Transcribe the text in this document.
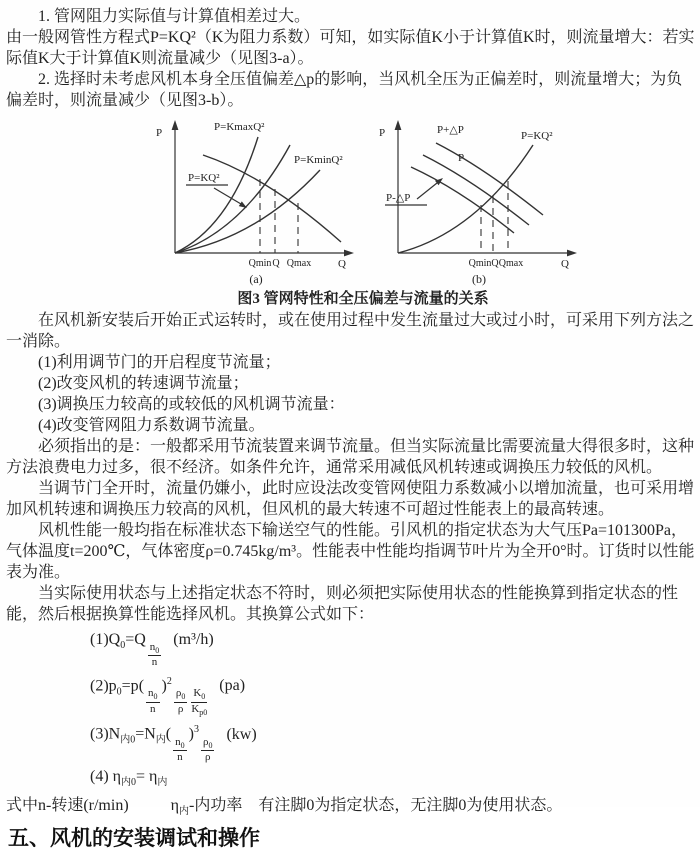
1. 管网阻力实际值与计算值相差过大。

由一般网管性方程式P=KQ²（K为阻力系数）可知，如实际值K小于计算值K时，则流量增大：若实际值K大于计算值K则流量减少（见图3-a）。

2. 选择时未考虑风机本身全压值偏差△p的影响，当风机全压为正偏差时，则流量增大；为负偏差时，则流量减少（见图3-b）。

P
Q
P=KmaxQ²
P=KminQ²
P=KQ²
Qmin Q Qmax
(a)
P
Q
P+△P
P
P=KQ²
P-△P
Qmin Q Qmax
(b)
图3 管网特性和全压偏差与流量的关系

在风机新安装后开始正式运转时，或在使用过程中发生流量过大或过小时，可采用下列方法之一消除。

(1)利用调节门的开启程度节流量；

(2)改变风机的转速调节流量；

(3)调换压力较高的或较低的风机调节流量：

(4)改变管网阻力系数调节流量。

必须指出的是：一般都采用节流装置来调节流量。但当实际流量比需要流量大得很多时，这种方法浪费电力过多，很不经济。如条件允许，通常采用减低风机转速或调换压力较低的风机。

当调节门全开时，流量仍嫌小，此时应设法改变管网使阻力系数减小以增加流量，也可采用增加风机转速和调换压力较高的风机，但风机的最大转速不可超过性能表上的最高转速。

风机性能一般均指在标准状态下输送空气的性能。引风机的指定状态为大气压Pa=101300Pa，气体温度t=200℃，气体密度ρ=0.745kg/m³。性能表中性能均指调节叶片为全开0°时。订货时以性能表为准。

当实际使用状态与上述指定状态不符时，则必须把实际使用状态的性能换算到指定状态的性能，然后根据换算性能选择风机。其换算公式如下：

$(1)Q_0=Q$
$\frac{n_0}{n}$
(m³/h)
$(2)p_0=p$(
$\frac{n_0}{n}$
)$^2$
$\frac{\rho_0}{\rho} \frac{K_0}{K_{p0}}$
(pa)
$(3)N_{内0}=N_内$(
$\frac{n_0}{n}$
)$^3$
$\frac{\rho_0}{\rho}$
(kw)
(4) $\eta_{内0}= \eta_内$

式中n-转速(r/min)	$\eta_内-$内功率 有注脚0为指定状态，无注脚0为使用状态。

五、风机的安装调试和操作
